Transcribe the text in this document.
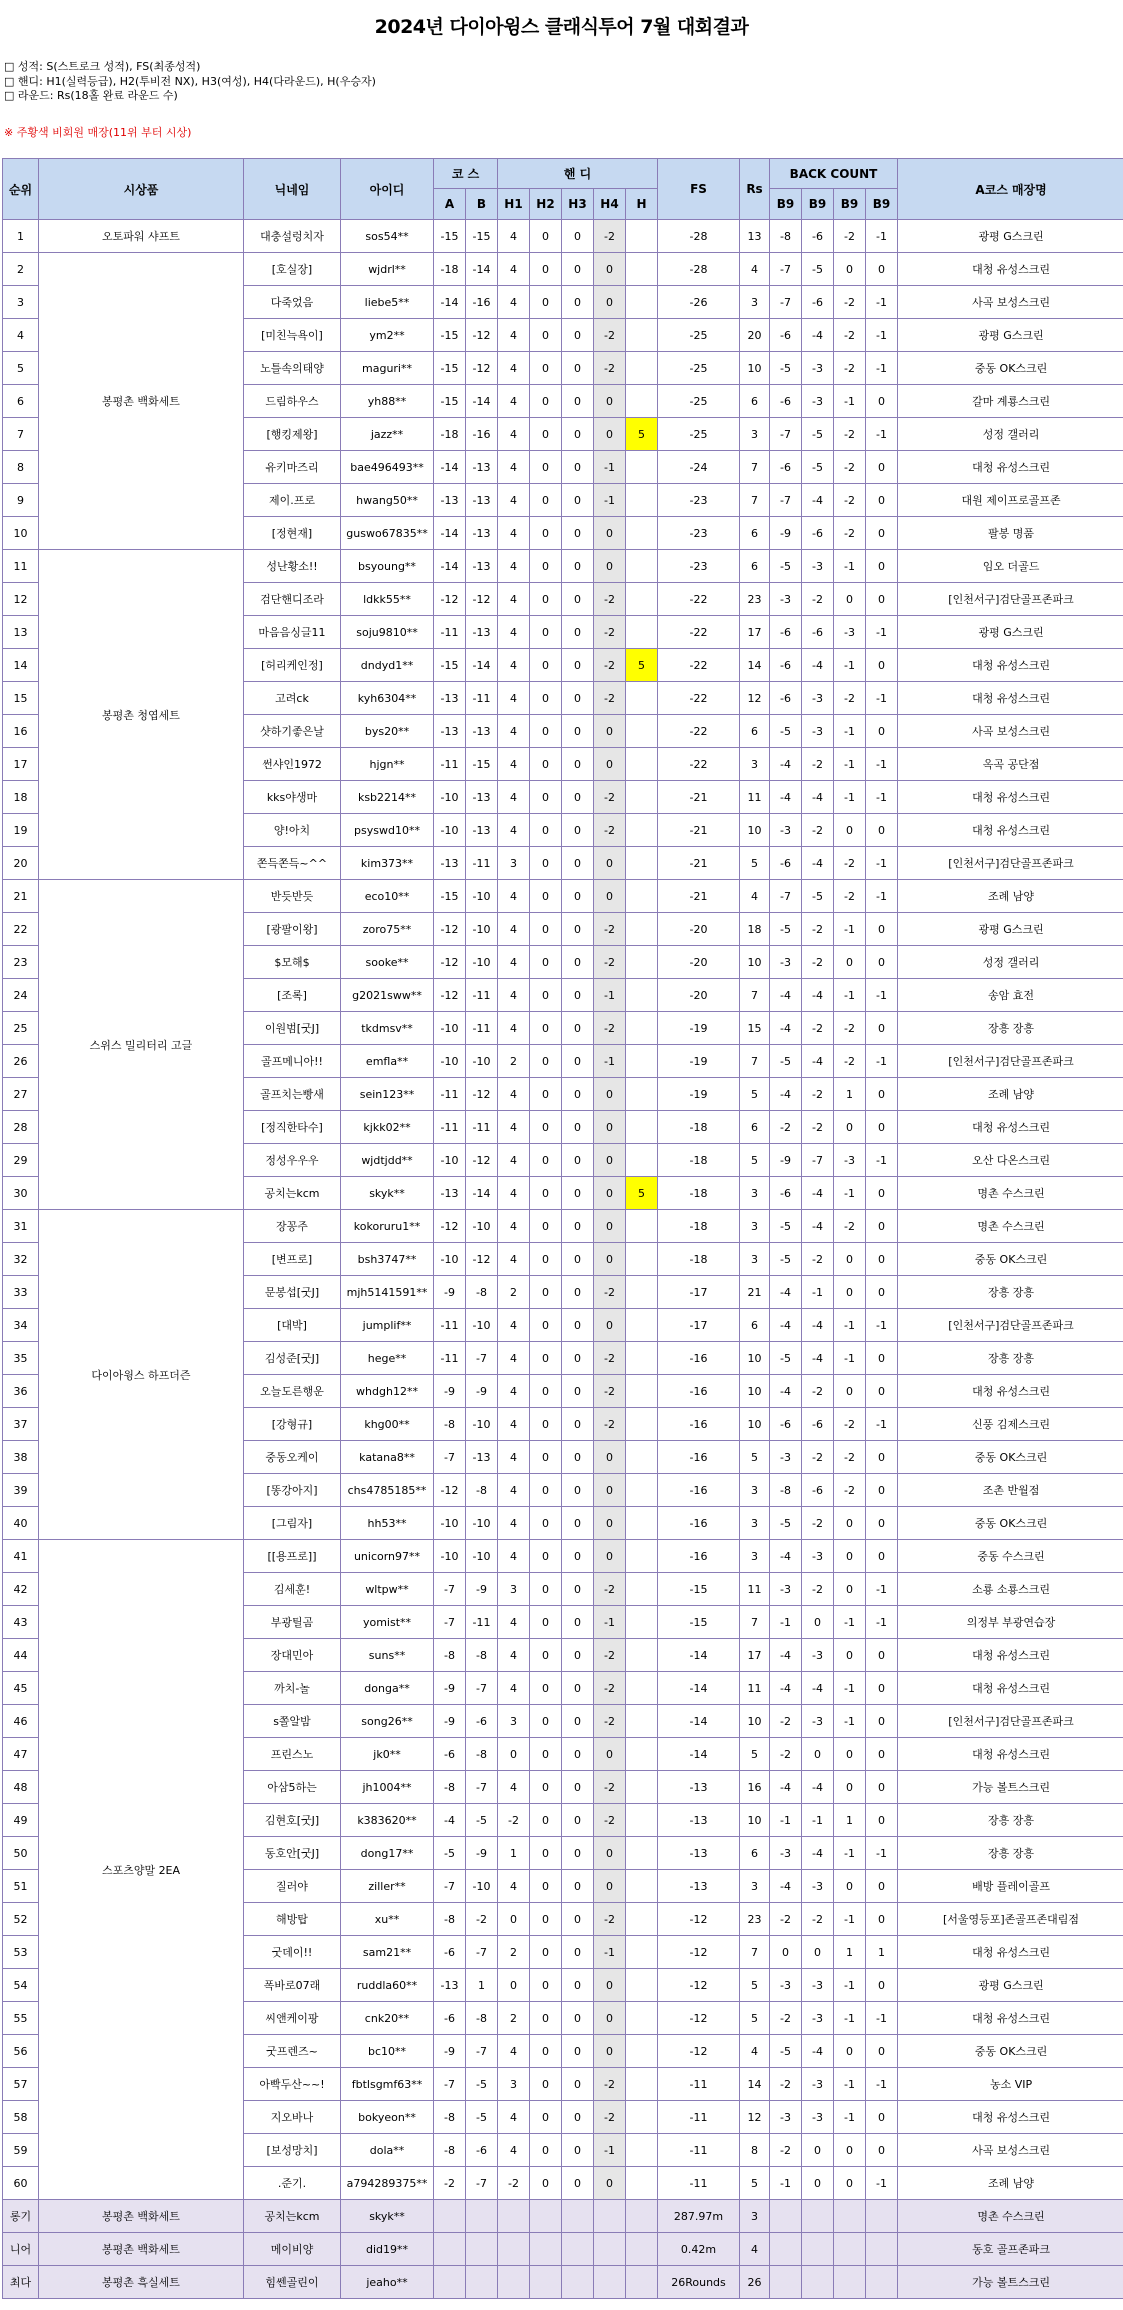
2024년 다이아윙스 클래식투어 7월 대회결과
□ 성적: S(스트로크 성적), FS(최종성적)
□ 핸디: H1(실력등급), H2(투비전 NX), H3(여성), H4(다라운드), H(우승자)
□ 라운드: Rs(18홀 완료 라운드 수)
※ 주황색 비회원 매장(11위 부터 시상)
순위	시상품	닉네임	아이디	코 스		핸 디					FS	Rs	BACK COUNT				A코스 매장명
				A	B	H1	H2	H3	H4	H			B9	B9	B9	B9	
1	오토파워 샤프트	대충설렁치자	sos54**	-15	-15	4	0	0	-2		-28	13	-8	-6	-2	-1	광평 G스크린
2	봉평촌 백화세트	[호실장]	wjdrl**	-18	-14	4	0	0	0		-28	4	-7	-5	0	0	대청 유성스크린
3		다죽었음	liebe5**	-14	-16	4	0	0	0		-26	3	-7	-6	-2	-1	사곡 보성스크린
4		[미친늑욕이]	ym2**	-15	-12	4	0	0	-2		-25	20	-6	-4	-2	-1	광평 G스크린
5		노틀속의태양	maguri**	-15	-12	4	0	0	-2		-25	10	-5	-3	-2	-1	중동 OK스크린
6		드림하우스	yh88**	-15	-14	4	0	0	0		-25	6	-6	-3	-1	0	갈마 계룡스크린
7		[행킹제왕]	jazz**	-18	-16	4	0	0	0	5	-25	3	-7	-5	-2	-1	성정 갤러리
8		유키마즈리	bae496493**	-14	-13	4	0	0	-1		-24	7	-6	-5	-2	0	대청 유성스크린
9		제이.프로	hwang50**	-13	-13	4	0	0	-1		-23	7	-7	-4	-2	0	대원 제이프로골프존
10		[정현재]	guswo67835**	-14	-13	4	0	0	0		-23	6	-9	-6	-2	0	팔봉 명품
11	봉평촌 청엽세트	성난황소!!	bsyoung**	-14	-13	4	0	0	0		-23	6	-5	-3	-1	0	임오 더골드
12		검단핸디조라	ldkk55**	-12	-12	4	0	0	-2		-22	23	-3	-2	0	0	[인천서구]검단골프존파크
13		마음음싱글11	soju9810**	-11	-13	4	0	0	-2		-22	17	-6	-6	-3	-1	광평 G스크린
14		[허리케인정]	dndyd1**	-15	-14	4	0	0	-2	5	-22	14	-6	-4	-1	0	대청 유성스크린
15		고려ck	kyh6304**	-13	-11	4	0	0	-2		-22	12	-6	-3	-2	-1	대청 유성스크린
16		샷하기좋은날	bys20**	-13	-13	4	0	0	0		-22	6	-5	-3	-1	0	사곡 보성스크린
17		썬샤인1972	hjgn**	-11	-15	4	0	0	0		-22	3	-4	-2	-1	-1	옥곡 공단점
18		kks야생마	ksb2214**	-10	-13	4	0	0	-2		-21	11	-4	-4	-1	-1	대청 유성스크린
19		양!아치	psyswd10**	-10	-13	4	0	0	-2		-21	10	-3	-2	0	0	대청 유성스크린
20		쫀득쫀득~^^	kim373**	-13	-11	3	0	0	0		-21	5	-6	-4	-2	-1	[인천서구]검단골프존파크
21	스위스 밀리터리 고글	반듯반듯	eco10**	-15	-10	4	0	0	0		-21	4	-7	-5	-2	-1	조례 남양
22		[광팔이왕]	zoro75**	-12	-10	4	0	0	-2		-20	18	-5	-2	-1	0	광평 G스크린
23		$모해$	sooke**	-12	-10	4	0	0	-2		-20	10	-3	-2	0	0	성정 갤러리
24		[조록]	g2021sww**	-12	-11	4	0	0	-1		-20	7	-4	-4	-1	-1	송암 효전
25		이원범[굿J]	tkdmsv**	-10	-11	4	0	0	-2		-19	15	-4	-2	-2	0	장흥 장흥
26		골프메니아!!	emfla**	-10	-10	2	0	0	-1		-19	7	-5	-4	-2	-1	[인천서구]검단골프존파크
27		골프치는빵새	sein123**	-11	-12	4	0	0	0		-19	5	-4	-2	1	0	조례 남양
28		[정직한타수]	kjkk02**	-11	-11	4	0	0	0		-18	6	-2	-2	0	0	대청 유성스크린
29		정성우우우	wjdtjdd**	-10	-12	4	0	0	0		-18	5	-9	-7	-3	-1	오산 다온스크린
30		공치는kcm	skyk**	-13	-14	4	0	0	0	5	-18	3	-6	-4	-1	0	명촌 수스크린
31	다이아윙스 하프더즌	장꽁주	kokoruru1**	-12	-10	4	0	0	0		-18	3	-5	-4	-2	0	명촌 수스크린
32		[변프로]	bsh3747**	-10	-12	4	0	0	0		-18	3	-5	-2	0	0	중동 OK스크린
33		문봉섭[굿J]	mjh5141591**	-9	-8	2	0	0	-2		-17	21	-4	-1	0	0	장흥 장흥
34		[대박]	jumplif**	-11	-10	4	0	0	0		-17	6	-4	-4	-1	-1	[인천서구]검단골프존파크
35		김성준[굿J]	hege**	-11	-7	4	0	0	-2		-16	10	-5	-4	-1	0	장흥 장흥
36		오늘도른행운	whdgh12**	-9	-9	4	0	0	-2		-16	10	-4	-2	0	0	대청 유성스크린
37		[강형규]	khg00**	-8	-10	4	0	0	-2		-16	10	-6	-6	-2	-1	신풍 김제스크린
38		중동오케이	katana8**	-7	-13	4	0	0	0		-16	5	-3	-2	-2	0	중동 OK스크린
39		[똥강아지]	chs4785185**	-12	-8	4	0	0	0		-16	3	-8	-6	-2	0	조촌 반월점
40		[그림자]	hh53**	-10	-10	4	0	0	0		-16	3	-5	-2	0	0	중동 OK스크린
41	스포츠양말 2EA	[[용프로]]	unicorn97**	-10	-10	4	0	0	0		-16	3	-4	-3	0	0	중동 수스크린
42		김세훈!	wltpw**	-7	-9	3	0	0	-2		-15	11	-3	-2	0	-1	소룡 소룡스크린
43		부광틸곰	yomist**	-7	-11	4	0	0	-1		-15	7	-1	0	-1	-1	의정부 부광연습장
44		장대민아	suns**	-8	-8	4	0	0	-2		-14	17	-4	-3	0	0	대청 유성스크린
45		까치-놀	donga**	-9	-7	4	0	0	-2		-14	11	-4	-4	-1	0	대청 유성스크린
46		s쫄알밤	song26**	-9	-6	3	0	0	-2		-14	10	-2	-3	-1	0	[인천서구]검단골프존파크
47		프린스노	jk0**	-6	-8	0	0	0	0		-14	5	-2	0	0	0	대청 유성스크린
48		아삼5하는	jh1004**	-8	-7	4	0	0	-2		-13	16	-4	-4	0	0	가능 볼트스크린
49		김현호[굿J]	k383620**	-4	-5	-2	0	0	-2		-13	10	-1	-1	1	0	장흥 장흥
50		동호안[굿J]	dong17**	-5	-9	1	0	0	0		-13	6	-3	-4	-1	-1	장흥 장흥
51		질러야	ziller**	-7	-10	4	0	0	0		-13	3	-4	-3	0	0	배방 플레이골프
52		해방탑	xu**	-8	-2	0	0	0	-2		-12	23	-2	-2	-1	0	[서울영등포]존골프존대림점
53		굿데이!!	sam21**	-6	-7	2	0	0	-1		-12	7	0	0	1	1	대청 유성스크린
54		폭바로07래	ruddla60**	-13	1	0	0	0	0		-12	5	-3	-3	-1	0	광평 G스크린
55		씨앤케이팡	cnk20**	-6	-8	2	0	0	0		-12	5	-2	-3	-1	-1	대청 유성스크린
56		굿프렌즈~	bc10**	-9	-7	4	0	0	0		-12	4	-5	-4	0	0	중동 OK스크린
57		아빡두산~~!	fbtlsgmf63**	-7	-5	3	0	0	-2		-11	14	-2	-3	-1	-1	농소 VIP
58		지오바나	bokyeon**	-8	-5	4	0	0	-2		-11	12	-3	-3	-1	0	대청 유성스크린
59		[보성망치]	dola**	-8	-6	4	0	0	-1		-11	8	-2	0	0	0	사곡 보성스크린
60		.준기.	a794289375**	-2	-7	-2	0	0	0		-11	5	-1	0	0	-1	조례 남양
롱기	봉평촌 백화세트	공치는kcm	skyk**								287.97m	3					명촌 수스크린
니어	봉평촌 백화세트	메이비양	did19**								0.42m	4					동호 골프존파크
최다	봉평촌 흑실세트	힘쎈골린이	jeaho**								26Rounds	26					가능 볼트스크린
